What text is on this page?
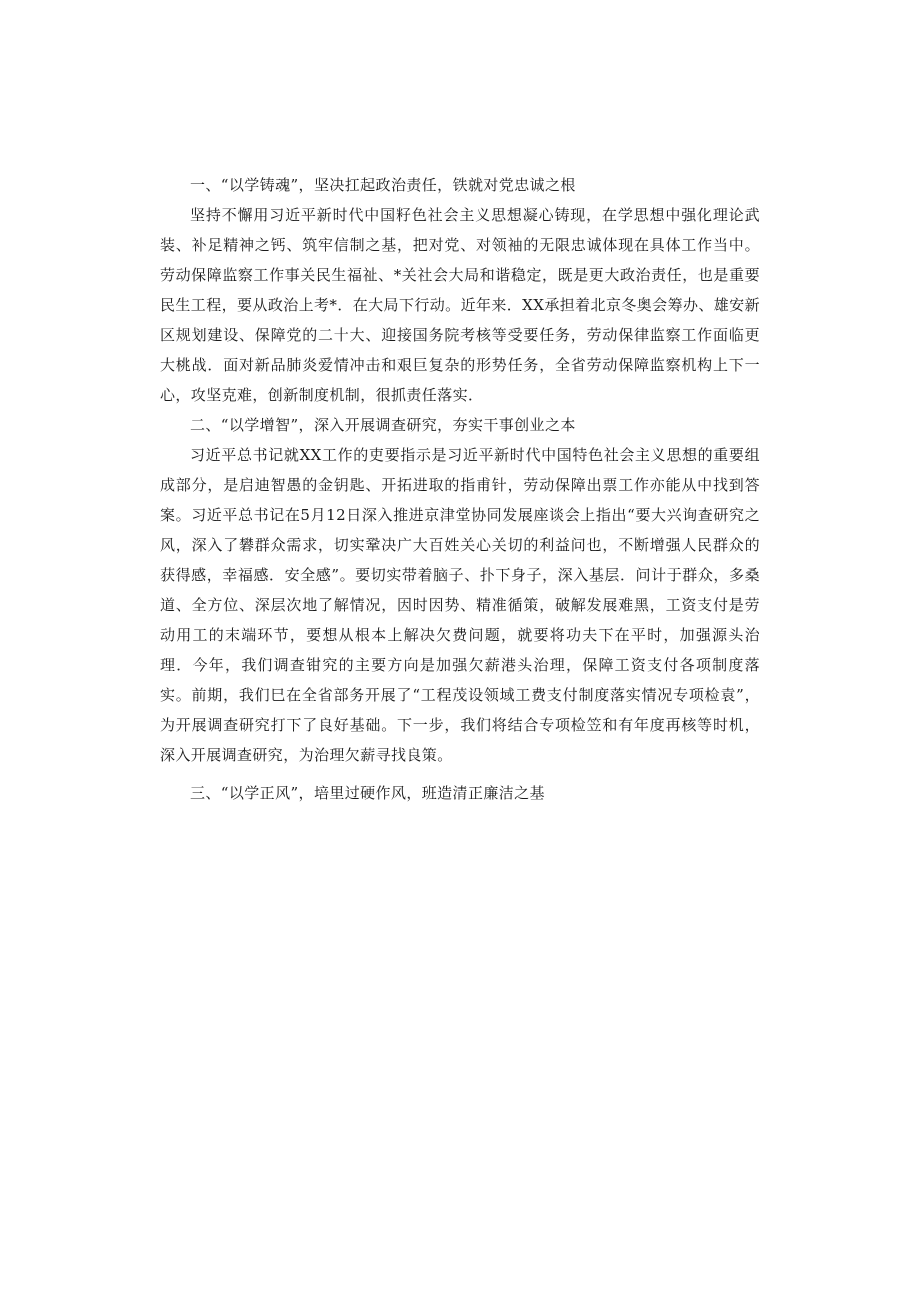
一、“以学铸魂”，坚决扛起政治责任，铁就对党忠诚之根

坚持不懈用习近平新时代中国籽色社会主义思想凝心铸现，在学思想中强化理论武装、补足精神之钙、筑牢信制之基，把对党、对领袖的无限忠诚体现在具体工作当中。劳动保障监察工作事关民生福祉、*关社会大局和谐稳定，既是更大政治责任，也是重要民生工程，要从政治上考*．在大局下行动。近年来．XX承担着北京冬奥会筹办、雄安新区规划建设、保障党的二十大、迎接国务院考核等受要任务，劳动保律监察工作面临更大桃战．面对新品肺炎爱情冲击和艰巨复杂的形势任务，全省劳动保障监察机构上下一心，攻坚克难，创新制度机制，很抓责任落实．

二、“以学增智”，深入开展调查研究，夯实干事创业之本

习近平总书记就XX工作的吏要指示是习近平新时代中国特色社会主义思想的重要组成部分，是启迪智愚的金钥匙、开拓进取的指甫针，劳动保障出票工作亦能从中找到答案。习近平总书记在5月12日深入推进京津堂协同发展座谈会上指出“要大兴询查研究之风，深入了礬群众需求，切实鞏决广大百姓关心关切的利益问也，不断增强人民群众的获得感，幸福感．安全感”。要切实带着脑子、扑下身子，深入基层．问计于群众，多桑道、全方位、深层次地了解情况，因时因势、精准循策，破解发展难黑，工资支付是劳动用工的末端环节，要想从根本上解决欠费问题，就要将功夫下在平时，加强源头治理．今年，我们调查钳究的主要方向是加强欠薪港头治理，保障工资支付各项制度落实。前期，我们巳在全省部务开展了“工程茂设领域工费支付制度落实情况专项检袁”，为开展调查研究打下了良好基础。下一步，我们将结合专项检笠和有年度再核等时机，深入开展调查研究，为治理欠薪寻找良策。

三、“以学正风”，培里过硬作风，班造清正廉洁之基
